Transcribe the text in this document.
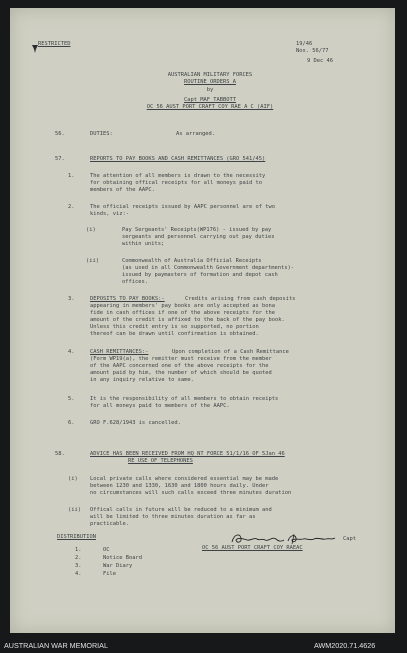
RESTRICTED	19/46
Nos. 56/77
9 Dec 46
AUSTRALIAN MILITARY FORCES
ROUTINE ORDERS A
by
Capt MAF TABBOTT
OC 56 AUST PORT CRAFT COY RAE A C (AIF)
56.	DUTIES:	As arranged.
57.	REPORTS TO PAY BOOKS AND CASH REMITTANCES (GRO 541/45)
1.	The attention of all members is drawn to the necessity
for obtaining offical receipts for all moneys paid to
members of the AAPC.
2.	The official receipts issued by AAPC personnel are of two
kinds, viz:-
(i)	Pay Sergeants' Receipts(WP176) - issued by pay
sergeants and personnel carrying out pay duties
within units;
(ii)	Commonwealth of Australia Official Receipts
(as used in all Commonwealth Government departments)-
issued by paymasters of formation and depot cash
offices.
3.	DEPOSITS TO PAY BOOKS:-	Credits arising from cash deposits
appearing in members' pay books are only accepted as bona
fide in cash offices if one of the above receipts for the
amount of the credit is affixed to the back of the pay book.
Unless this credit entry is so supported, no portion
thereof can be drawn until confirmation is obtained.
4.	CASH REMITTANCES:-	Upon completion of a Cash Remittance
(Form WP19(a), the remitter must receive from the member
of the AAPC concerned one of the above receipts for the
amount paid by him, the number of which should be quoted
in any inquiry relative to same.
5.	It is the responsibility of all members to obtain receipts
for all moneys paid to members of the AAPC.
6.	GRO F.628/1943 is cancelled.
58.	ADVICE HAS BEEN RECEIVED FROM HQ NT FORCE 51/1/16 OF 5Jan 46
RE USE OF TELEPHONES
(i) Local private calls where considered essential may be made
between 1230 and 1330, 1630 and 1800 hours daily. Under
no circumstances will such calls exceed three minutes duration
(ii) Offical calls in future will be reduced to a minimum and
will be limited to three minutes duration as far as
practicable.
Capt
OC 56 AUST PORT CRAFT COY RAEAC
DISTRIBUTION
1.	OC
2.	Notice Board
3.	War Diary
4.	File
AUSTRALIAN WAR MEMORIAL	AWM2020.71.4626
